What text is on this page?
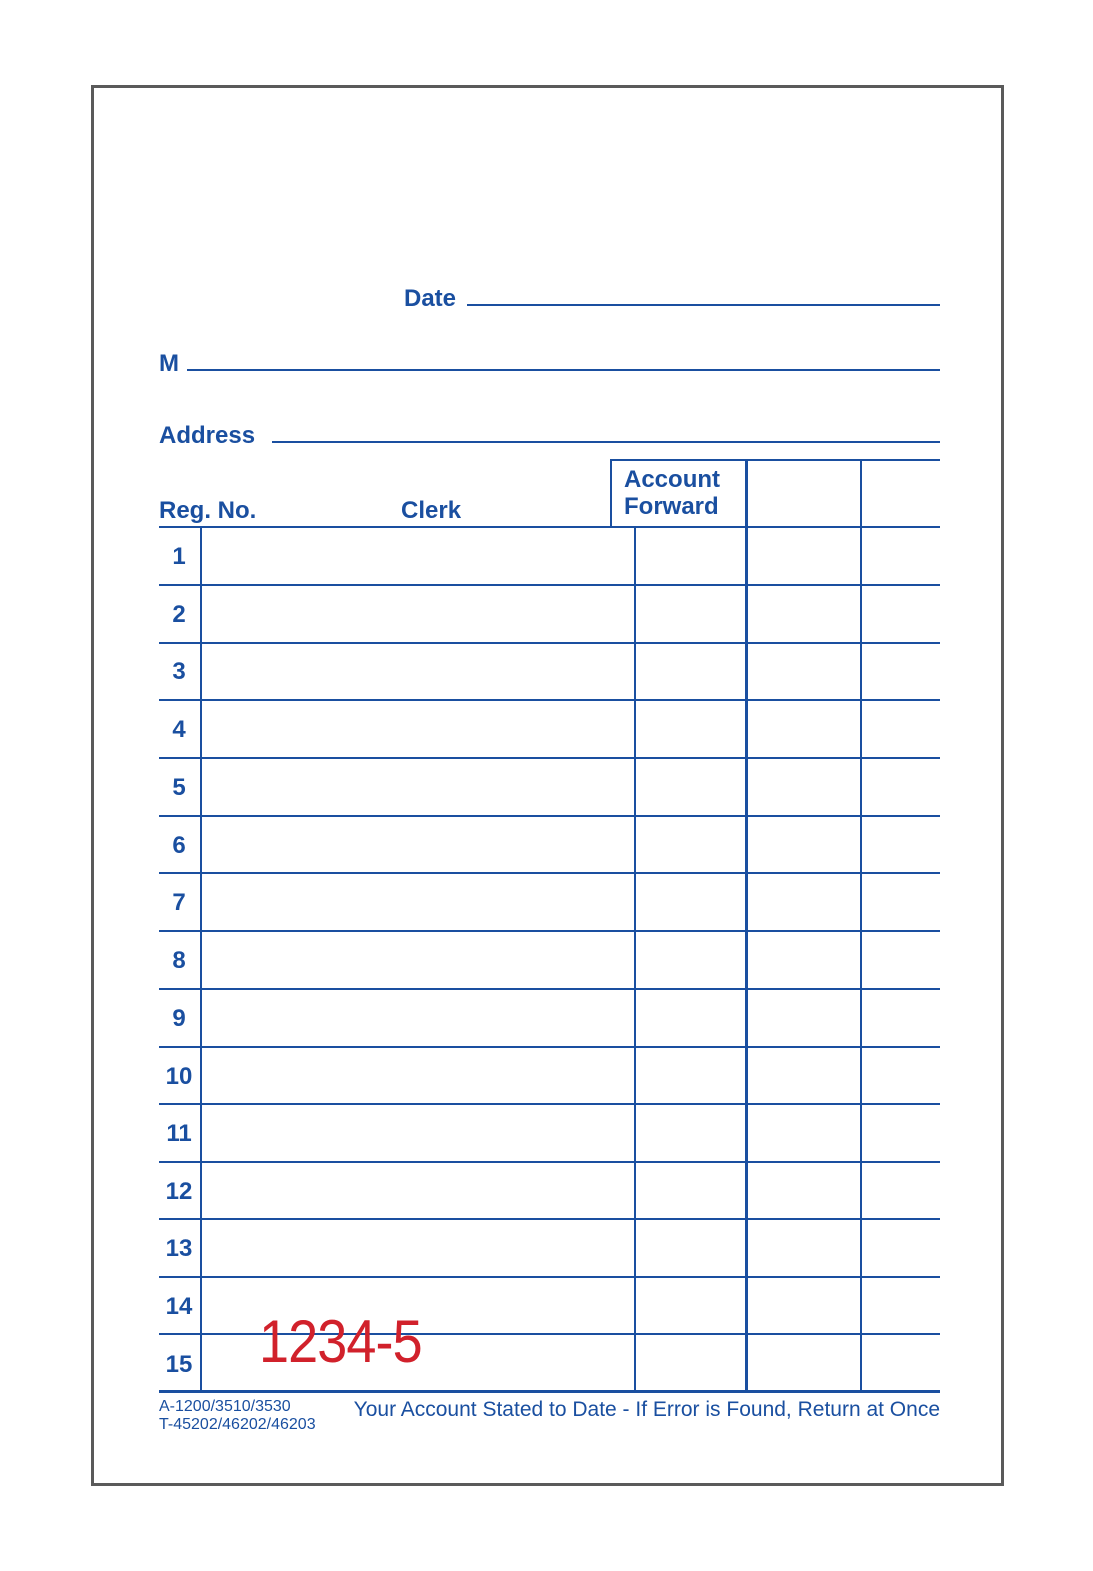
Date
M
Address
Reg. No.	Clerk
Account
Forward
1
2
3
4
5
6
7
8
9
10
11
12
13
14
15 1234-5
A-1200/3510/3530
T-45202/46202/46203
Your Account Stated to Date - If Error is Found, Return at Once
